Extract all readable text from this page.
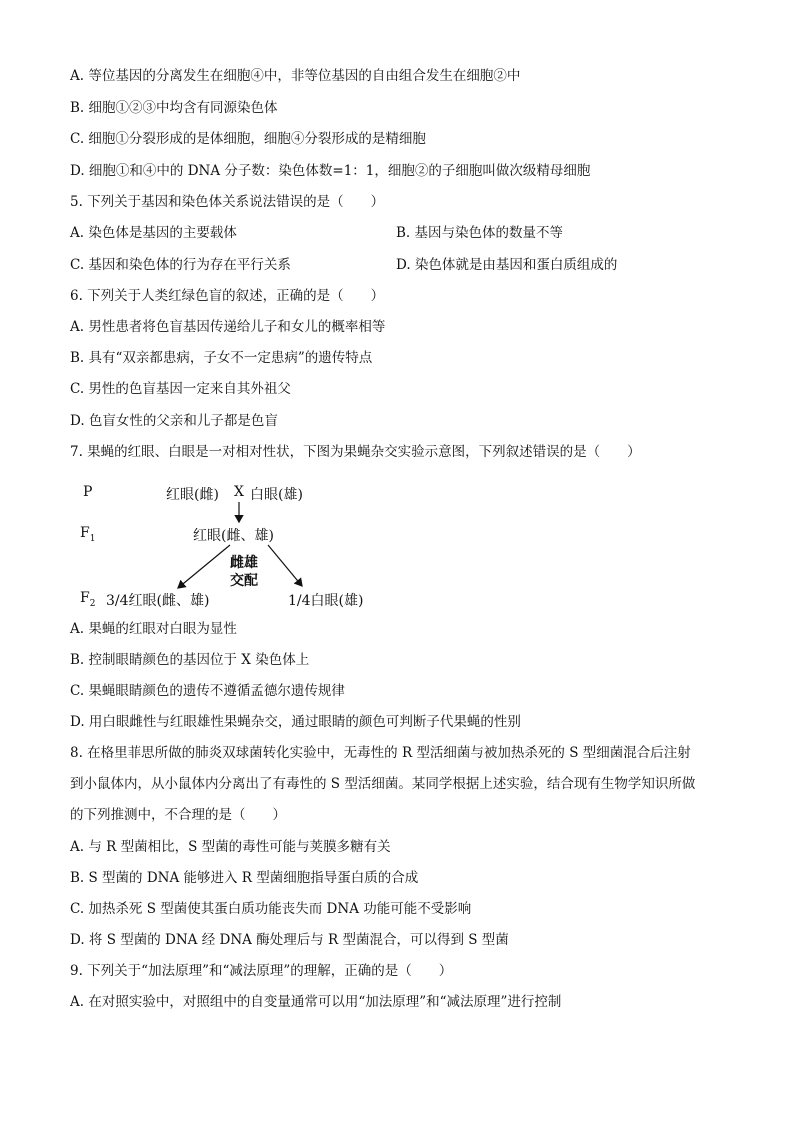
A. 等位基因的分离发生在细胞④中，非等位基因的自由组合发生在细胞②中
B. 细胞①②③中均含有同源染色体
C. 细胞①分裂形成的是体细胞，细胞④分裂形成的是精细胞
D. 细胞①和④中的 DNA 分子数：染色体数=1：1，细胞②的子细胞叫做次级精母细胞
5. 下列关于基因和染色体关系说法错误的是（　　）
A. 染色体是基因的主要载体	B. 基因与染色体的数量不等
C. 基因和染色体的行为存在平行关系	D. 染色体就是由基因和蛋白质组成的
6. 下列关于人类红绿色盲的叙述，正确的是（　　）
A. 男性患者将色盲基因传递给儿子和女儿的概率相等
B. 具有“双亲都患病，子女不一定患病”的遗传特点
C. 男性的色盲基因一定来自其外祖父
D. 色盲女性的父亲和儿子都是色盲
7. 果蝇的红眼、白眼是一对相对性状，下图为果蝇杂交实验示意图，下列叙述错误的是（　　）
P	红眼(雌) X 白眼(雄)
$F_1$	红眼(雌、雄)
雌雄
交配
$F_2$ 3/4红眼(雌、雄)	1/4白眼(雄)
A. 果蝇的红眼对白眼为显性
B. 控制眼睛颜色的基因位于 X 染色体上
C. 果蝇眼睛颜色的遗传不遵循孟德尔遗传规律
D. 用白眼雌性与红眼雄性果蝇杂交，通过眼睛的颜色可判断子代果蝇的性别
8. 在格里菲思所做的肺炎双球菌转化实验中，无毒性的 R 型活细菌与被加热杀死的 S 型细菌混合后注射
到小鼠体内，从小鼠体内分离出了有毒性的 S 型活细菌。某同学根据上述实验，结合现有生物学知识所做
的下列推测中，不合理的是（　　）
A. 与 R 型菌相比，S 型菌的毒性可能与荚膜多糖有关
B. S 型菌的 DNA 能够进入 R 型菌细胞指导蛋白质的合成
C. 加热杀死 S 型菌使其蛋白质功能丧失而 DNA 功能可能不受影响
D. 将 S 型菌的 DNA 经 DNA 酶处理后与 R 型菌混合，可以得到 S 型菌
9. 下列关于“加法原理”和“减法原理”的理解，正确的是（　　）
A. 在对照实验中，对照组中的自变量通常可以用“加法原理”和“减法原理”进行控制
